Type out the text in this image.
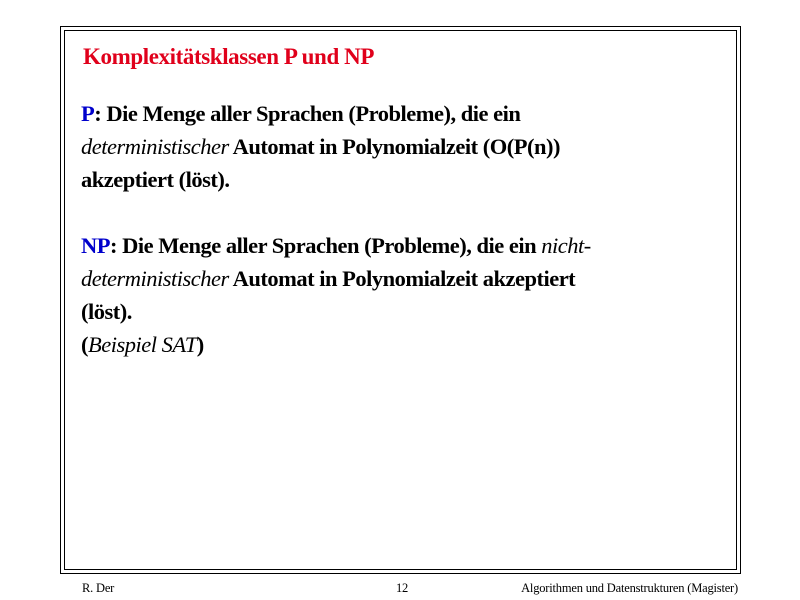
Komplexitätsklassen P und NP

P: Die Menge aller Sprachen (Probleme), die ein
deterministischer Automat in Polynomialzeit (O(P(n))
akzeptiert (löst).

NP: Die Menge aller Sprachen (Probleme), die ein nicht-
deterministischer Automat in Polynomialzeit akzeptiert
(löst).
(Beispiel SAT)

R. Der	12	Algorithmen und Datenstrukturen (Magister)
